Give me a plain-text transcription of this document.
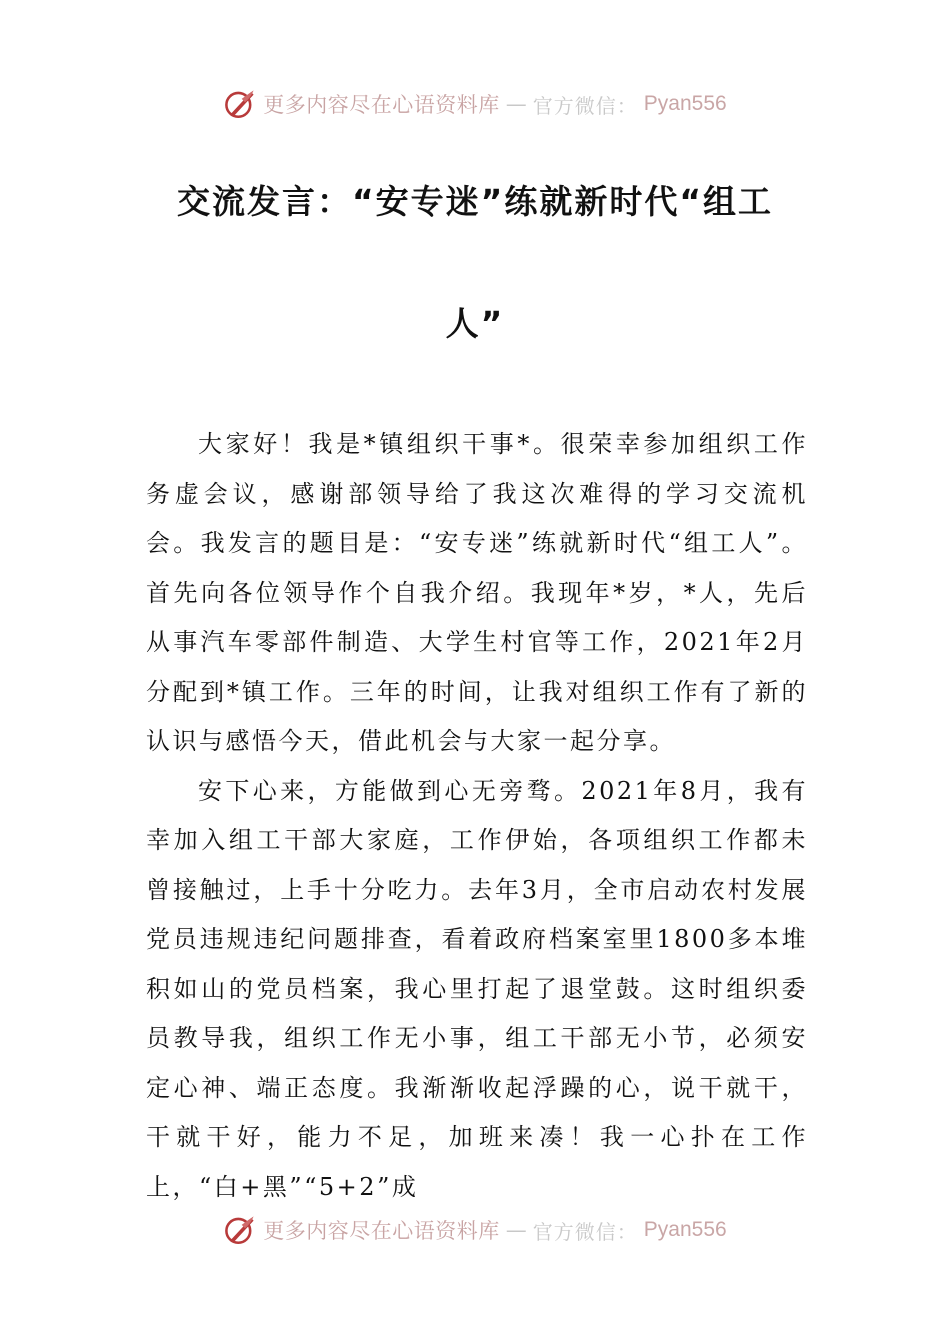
更多内容尽在心语资料库 — 官方微信： Pyan556
交流发言：“安专迷”练就新时代“组工
人”

大家好！我是*镇组织干事*。很荣幸参加组织工作务虚会议，感谢部领导给了我这次难得的学习交流机会。我发言的题目是：“安专迷”练就新时代“组工人”。首先向各位领导作个自我介绍。我现年*岁，*人，先后从事汽车零部件制造、大学生村官等工作，2021年2月分配到*镇工作。三年的时间，让我对组织工作有了新的认识与感悟今天，借此机会与大家一起分享。

安下心来，方能做到心无旁骛。2021年8月，我有幸加入组工干部大家庭，工作伊始，各项组织工作都未曾接触过，上手十分吃力。去年3月，全市启动农村发展党员违规违纪问题排查，看着政府档案室里1800多本堆积如山的党员档案，我心里打起了退堂鼓。这时组织委员教导我，组织工作无小事，组工干部无小节，必须安定心神、端正态度。我渐渐收起浮躁的心，说干就干，干就干好，能力不足，加班来凑！我一心扑在工作上，“白+黑”“5+2”成

更多内容尽在心语资料库 — 官方微信： Pyan556
